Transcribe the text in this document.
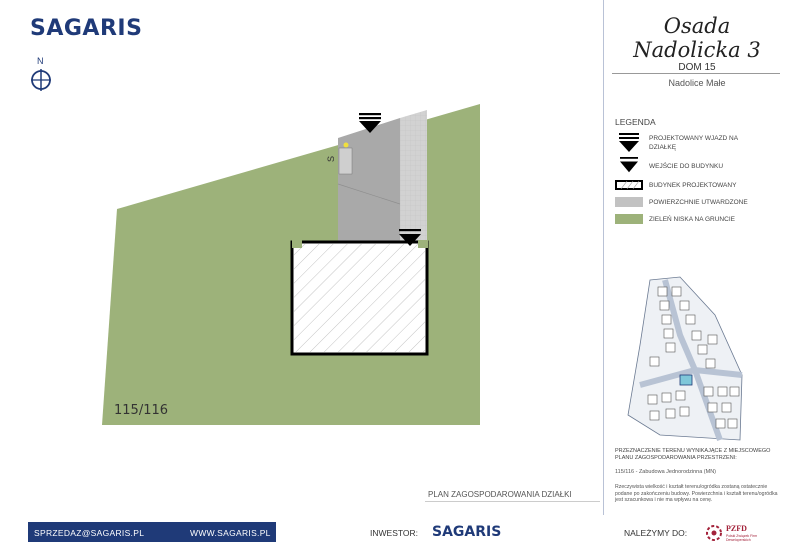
SAGARIS
N
S
115/116
PLAN ZAGOSPODAROWANIA DZIAŁKI
Osada Nadolicka 3
DOM 15
Nadolice Małe
LEGENDA
PROJEKTOWANY WJAZD NA DZIAŁKĘ
WEJŚCIE DO BUDYNKU
BUDYNEK PROJEKTOWANY
POWIERZCHNIE UTWARDZONE
ZIELEŃ NISKA NA GRUNCIE
PRZEZNACZENIE TERENU WYNIKAJĄCE Z MIEJSCOWEGO PLANU ZAGOSPODAROWANIA PRZESTRZENI:
115/116 - Zabudowa Jednorodzinna (MN)
Rzeczywista wielkość i kształt terenu/ogródka zostaną ostatecznie podane po zakończeniu budowy. Powierzchnia i kształt terenu/ogródka jest szacunkowa i nie ma wpływu na cenę.
SPRZEDAZ@SAGARIS.PL	WWW.SAGARIS.PL	INWESTOR: SAGARIS	NALEŻYMY DO:	PZFD
Polski Związek Firm Deweloperskich
